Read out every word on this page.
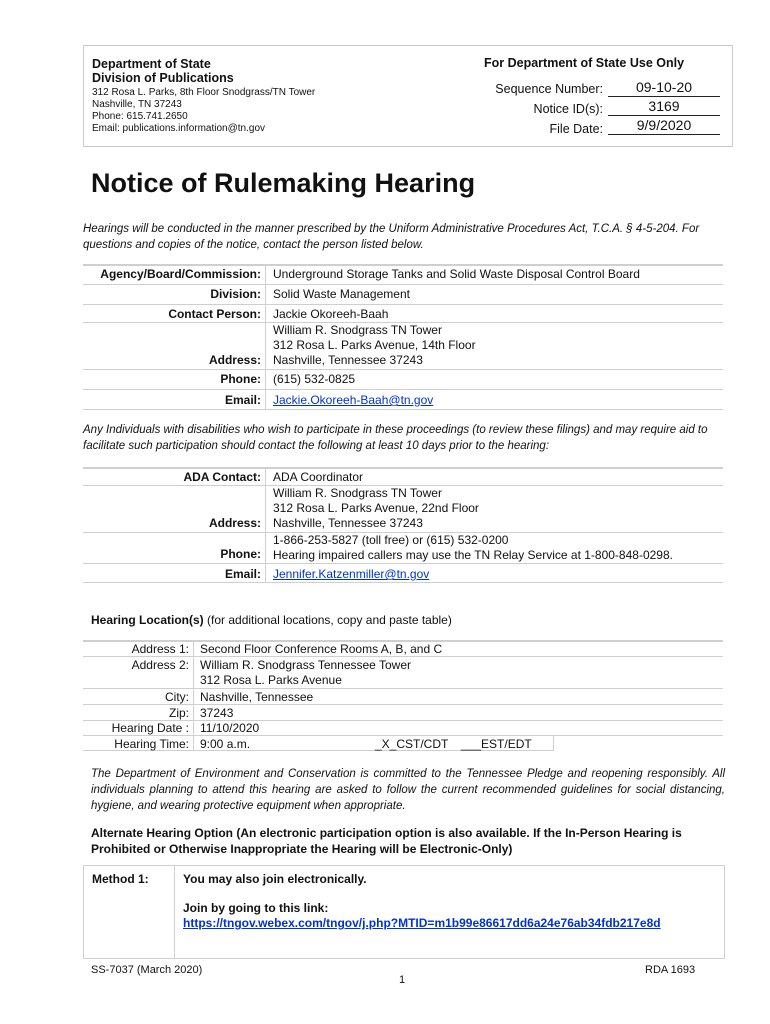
Department of State
Division of Publications
312 Rosa L. Parks, 8th Floor Snodgrass/TN Tower
Nashville, TN 37243
Phone: 615.741.2650
Email: publications.information@tn.gov
For Department of State Use Only
Sequence Number:	09-10-20
Notice ID(s):	3169
File Date:	9/9/2020
Notice of Rulemaking Hearing
Hearings will be conducted in the manner prescribed by the Uniform Administrative Procedures Act, T.C.A. § 4-5-204. For questions and copies of the notice, contact the person listed below.
Agency/Board/Commission: Underground Storage Tanks and Solid Waste Disposal Control Board
Division: Solid Waste Management
Contact Person: Jackie Okoreeh-Baah
Address:
William R. Snodgrass TN Tower
312 Rosa L. Parks Avenue, 14th Floor
Nashville, Tennessee 37243
Phone: (615) 532-0825
Email: Jackie.Okoreeh-Baah@tn.gov
Any Individuals with disabilities who wish to participate in these proceedings (to review these filings) and may require aid to facilitate such participation should contact the following at least 10 days prior to the hearing:
ADA Contact: ADA Coordinator
Address:
William R. Snodgrass TN Tower
312 Rosa L. Parks Avenue, 22nd Floor
Nashville, Tennessee 37243
Phone:
1-866-253-5827 (toll free) or (615) 532-0200
Hearing impaired callers may use the TN Relay Service at 1-800-848-0298.
Email: Jennifer.Katzenmiller@tn.gov
Hearing Location(s) (for additional locations, copy and paste table)
Address 1: Second Floor Conference Rooms A, B, and C
Address 2: William R. Snodgrass Tennessee Tower
312 Rosa L. Parks Avenue
City: Nashville, Tennessee
Zip: 37243
Hearing Date : 11/10/2020
Hearing Time: 9:00 a.m.	_X_CST/CDT ___EST/EDT
The Department of Environment and Conservation is committed to the Tennessee Pledge and reopening responsibly. All individuals planning to attend this hearing are asked to follow the current recommended guidelines for social distancing, hygiene, and wearing protective equipment when appropriate.
Alternate Hearing Option (An electronic participation option is also available. If the In-Person Hearing is Prohibited or Otherwise Inappropriate the Hearing will be Electronic-Only)
Method 1:	You may also join electronically.
Join by going to this link:
https://tngov.webex.com/tngov/j.php?MTID=m1b99e86617dd6a24e76ab34fdb217e8d
SS-7037 (March 2020)
1
RDA 1693
